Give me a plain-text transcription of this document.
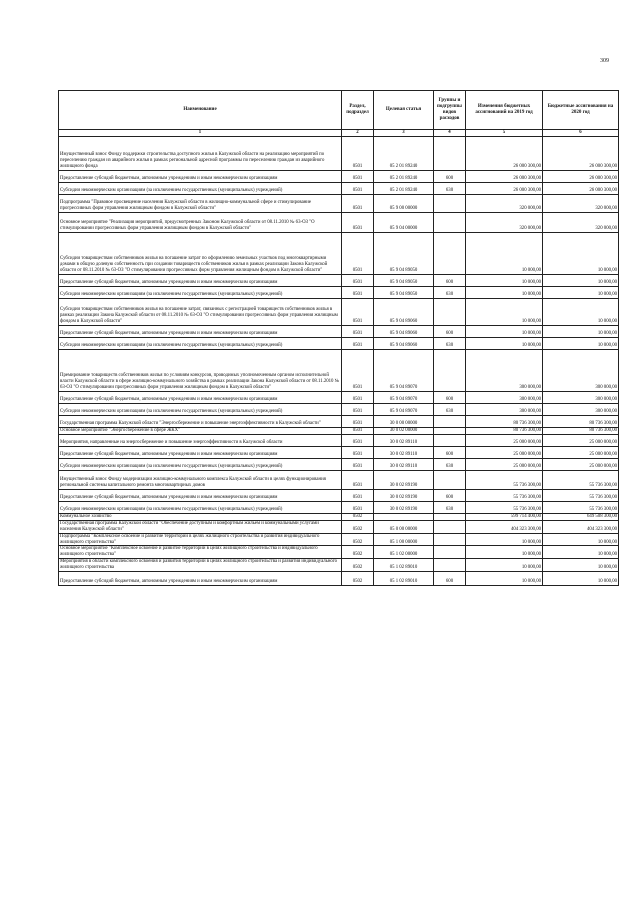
309
Наименование	Раздел, подраздел	Целевая статья	Группы и подгруппы видов расходов	Изменения бюджетных ассигнований на 2019 год	Бюджетные ассигнования на 2020 год
1	2	3	4	5	6
Имущественный взнос Фонду поддержки строительства доступного жилья в Калужской области на реализацию мероприятий по переселению граждан из аварийного жилья в рамках региональной адресной программы по переселению граждан из аварийного жилищного фонда	0501	05 2 01 89240		26 000 300,00	26 000 300,00
Предоставление субсидий бюджетным, автономным учреждениям и иным некоммерческим организациям	0501	05 2 01 89240	600	26 000 300,00	26 000 300,00
Субсидии некоммерческим организациям (за исключением государственных (муниципальных) учреждений)	0501	05 2 01 89240	630	26 000 300,00	26 000 300,00
Подпрограмма "Правовое просвещение населения Калужской области в жилищно-коммунальной сфере и стимулирование прогрессивных форм управления жилищным фондом в Калужской области"	0501	05 9 00 00000		320 000,00	320 000,00
Основное мероприятие "Реализация мероприятий, предусмотренных Законом Калужской области от 08.11.2010 № 63-ОЗ "О стимулировании прогрессивных форм управления жилищным фондом в Калужской области"	0501	05 9 04 00000		320 000,00	320 000,00
Субсидии товариществам собственников жилья на погашение затрат по оформлению земельных участков под многоквартирными домами в общую долевую собственность при создании товариществ собственников жилья в рамках реализации Закона Калужской области от 08.11.2010 № 63-ОЗ "О стимулировании прогрессивных форм управления жилищным фондом в Калужской области"	0501	05 9 04 89050		10 000,00	10 000,00
Предоставление субсидий бюджетным, автономным учреждениям и иным некоммерческим организациям	0501	05 9 04 89050	600	10 000,00	10 000,00
Субсидии некоммерческим организациям (за исключением государственных (муниципальных) учреждений)	0501	05 9 04 89050	630	10 000,00	10 000,00
Субсидии товариществам собственников жилья на погашение затрат, связанных с регистрацией товариществ собственников жилья в рамках реализации Закона Калужской области от 08.11.2010 № 63-ОЗ "О стимулировании прогрессивных форм управления жилищным фондом в Калужской области"	0501	05 9 04 89060		10 000,00	10 000,00
Предоставление субсидий бюджетным, автономным учреждениям и иным некоммерческим организациям	0501	05 9 04 89060	600	10 000,00	10 000,00
Субсидии некоммерческим организациям (за исключением государственных (муниципальных) учреждений)	0501	05 9 04 89060	630	10 000,00	10 000,00
Премирование товариществ собственников жилья по условиям конкурсов, проводимых уполномоченным органом исполнительной власти Калужской области в сфере жилищно-коммунального хозяйства в рамках реализации Закона Калужской области от 08.11.2010 № 63-ОЗ "О стимулировании прогрессивных форм управления жилищным фондом в Калужской области"	0501	05 9 04 89070		300 000,00	300 000,00
Предоставление субсидий бюджетным, автономным учреждениям и иным некоммерческим организациям	0501	05 9 04 89070	600	300 000,00	300 000,00
Субсидии некоммерческим организациям (за исключением государственных (муниципальных) учреждений)	0501	05 9 04 89070	630	300 000,00	300 000,00
Государственная программа Калужской области "Энергосбережение и повышение энергоэффективности в Калужской области"	0501	30 0 00 00000		80 736 300,00	80 736 300,00
Основное мероприятие "Энергосбережение в сфере ЖКХ"	0501	30 0 02 00000		80 736 300,00	80 736 300,00
Мероприятия, направленные на энергосбережение и повышение энергоэффективности в Калужской области	0501	30 0 02 89110		25 000 000,00	25 000 000,00
Предоставление субсидий бюджетным, автономным учреждениям и иным некоммерческим организациям	0501	30 0 02 89110	600	25 000 000,00	25 000 000,00
Субсидии некоммерческим организациям (за исключением государственных (муниципальных) учреждений)	0501	30 0 02 89110	630	25 000 000,00	25 000 000,00
Имущественный взнос Фонду модернизации жилищно-коммунального комплекса Калужской области в целях функционирования региональной системы капитального ремонта многоквартирных домов	0501	30 0 02 89190		55 736 300,00	55 736 300,00
Предоставление субсидий бюджетным, автономным учреждениям и иным некоммерческим организациям	0501	30 0 02 89190	600	55 736 300,00	55 736 300,00
Субсидии некоммерческим организациям (за исключением государственных (муниципальных) учреждений)	0501	30 0 02 89190	630	55 736 300,00	55 736 300,00
Коммунальное хозяйство	0502			599 714 400,00	649 508 300,00
Государственная программа Калужской области "Обеспечение доступным и комфортным жильем и коммунальными услугами населения Калужской области"	0502	05 0 00 00000		404 323 300,00	404 323 300,00
Подпрограмма "Комплексное освоение и развитие территорий в целях жилищного строительства и развития индивидуального жилищного строительства"	0502	05 1 00 00000		10 000,00	10 000,00
Основное мероприятие "Комплексное освоение и развитие территорий в целях жилищного строительства и индивидуального жилищного строительства"	0502	05 1 02 00000		10 000,00	10 000,00
Мероприятия в области комплексного освоения и развития территорий в целях жилищного строительства и развития индивидуального жилищного строительства	0502	05 1 02 89010		10 000,00	10 000,00
Предоставление субсидий бюджетным, автономным учреждениям и иным некоммерческим организациям	0502	05 1 02 89010	600	10 000,00	10 000,00
